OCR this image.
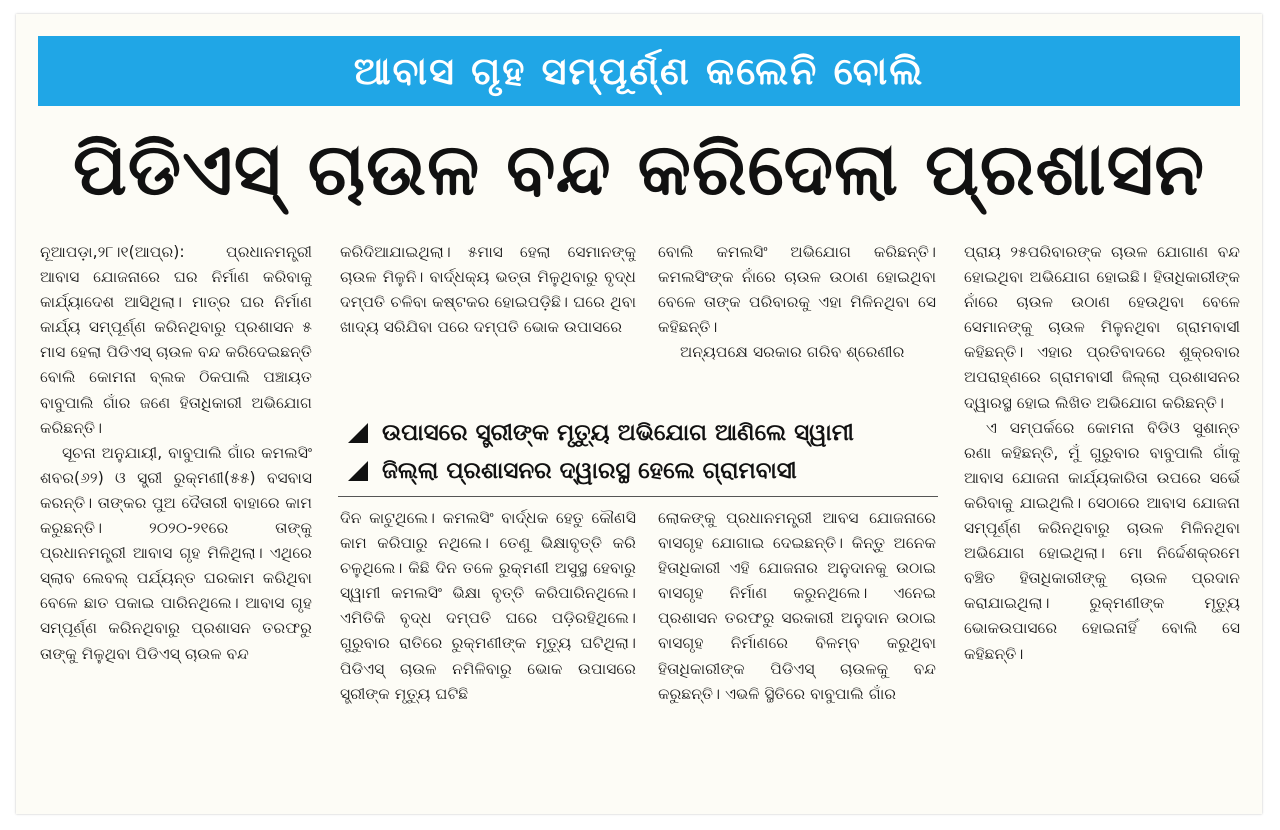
ଆବାସ ଗୃହ ସମ୍ପୂର୍ଣ୍ଣ କଲେନି ବୋଲି
ପିଡିଏସ୍ ଚାଉଳ ବନ୍ଦ କରିଦେଲା ପ୍ରଶାସନ

ନୂଆପଡ଼ା,୨୮।୧(ଆପ୍ର): ପ୍ରଧାନମନ୍ତ୍ରୀ ଆବାସ ଯୋଜନାରେ ଘର ନିର୍ମାଣ କରିବାକୁ କାର୍ଯ୍ୟାଦେଶ ଆସିଥିଲା। ମାତ୍ର ଘର ନିର୍ମାଣ କାର୍ଯ୍ୟ ସମ୍ପୂର୍ଣ୍ଣ କରିନଥିବାରୁ ପ୍ରଶାସନ ୫ ମାସ ହେଲା ପିଡିଏସ୍ ଚାଉଳ ବନ୍ଦ କରିଦେଇଛନ୍ତି ବୋଲି କୋମନା ବ୍ଲକ ଠିକପାଲି ପଞ୍ଚାୟତ ବାବୁପାଲି ଗାଁର ଜଣେ ହିତାଧିକାରୀ ଅଭିଯୋଗ କରିଛନ୍ତି।

ସୂଚନା ଅନୁଯାୟୀ, ବାବୁପାଲି ଗାଁର କମଲସିଂ ଶବର(୬୨) ଓ ସ୍ତ୍ରୀ ରୁକ୍ମଣୀ(୫୫) ବସବାସ କରନ୍ତି। ତାଙ୍କର ପୁଅ ଦୈତାରୀ ବାହାରେ କାମ କରୁଛନ୍ତି। ୨୦୨୦-୨୧ରେ ତାଙ୍କୁ ପ୍ରଧାନମନ୍ତ୍ରୀ ଆବାସ ଗୃହ ମିଳିଥିଲା। ଏଥିରେ ସ୍ଲାବ ଲେବଲ୍ ପର୍ଯ୍ୟନ୍ତ ଘରକାମ କରିଥିବା ବେଳେ ଛାତ ପକାଇ ପାରିନଥିଲେ। ଆବାସ ଗୃହ ସମ୍ପୂର୍ଣ୍ଣ କରିନଥିବାରୁ ପ୍ରଶାସନ ତରଫରୁ ତାଙ୍କୁ ମିଳୁଥିବା ପିଡିଏସ୍ ଚାଉଳ ବନ୍ଦ

କରିଦିଆଯାଇଥିଲା। ୫ମାସ ହେଲା ସେମାନଙ୍କୁ ଚାଉଳ ମିଳୁନି। ବାର୍ଦ୍ଧକ୍ୟ ଭତ୍ତା ମିଳୁଥିବାରୁ ବୃଦ୍ଧ ଦମ୍ପତି ଚଳିବା କଷ୍ଟକର ହୋଇପଡ଼ିଛି। ଘରେ ଥିବା ଖାଦ୍ୟ ସରିଯିବା ପରେ ଦମ୍ପତି ଭୋକ ଉପାସରେ

ବୋଲି କମଲସିଂ ଅଭିଯୋଗ କରିଛନ୍ତି। କମଲସିଂଙ୍କ ନାଁରେ ଚାଉଳ ଉଠାଣ ହୋଇଥିବା ବେଳେ ତାଙ୍କ ପରିବାରକୁ ଏହା ମିଳିନଥିବା ସେ କହିଛନ୍ତି।

ଅନ୍ୟପକ୍ଷେ ସରକାର ଗରିବ ଶ୍ରେଣୀର

ଉପାସରେ ସ୍ତ୍ରୀଙ୍କ ମୃତ୍ୟୁ ଅଭିଯୋଗ ଆଣିଲେ ସ୍ୱାମୀ
ଜିଲ୍ଲା ପ୍ରଶାସନର ଦ୍ୱାରସ୍ଥ ହେଲେ ଗ୍ରାମବାସୀ

ଦିନ କାଟୁଥିଲେ। କମଲସିଂ ବାର୍ଦ୍ଧକ ହେତୁ କୌଣସି କାମ କରିପାରୁ ନଥିଲେ। ତେଣୁ ଭିକ୍ଷାବୃତ୍ତି କରି ଚଳୁଥିଲେ। କିଛି ଦିନ ତଳେ ରୁକ୍ମଣୀ ଅସୁସ୍ଥ ହେବାରୁ ସ୍ୱାମୀ କମଲସିଂ ଭିକ୍ଷା ବୃତ୍ତି କରିପାରିନଥିଲେ। ଏମିତିକି ବୃଦ୍ଧ ଦମ୍ପତି ଘରେ ପଡ଼ିରହିଥିଲେ। ଗୁରୁବାର ରାତିରେ ରୁକ୍ମଣୀଙ୍କ ମୃତ୍ୟୁ ଘଟିଥିଲା। ପିଡିଏସ୍ ଚାଉଳ ନମିଳିବାରୁ ଭୋକ ଉପାସରେ ସ୍ତ୍ରୀଙ୍କ ମୃତ୍ୟୁ ଘଟିଛି

ଲୋକଙ୍କୁ ପ୍ରଧାନମନ୍ତ୍ରୀ ଆବସ ଯୋଜନାରେ ବାସଗୃହ ଯୋଗାଇ ଦେଇଛନ୍ତି। କିନ୍ତୁ ଅନେକ ହିତାଧିକାରୀ ଏହି ଯୋଜନାର ଅନୁଦାନକୁ ଉଠାଇ ବାସଗୃହ ନିର୍ମାଣ କରୁନଥିଲେ। ଏନେଇ ପ୍ରଶାସନ ତରଫରୁ ସରକାରୀ ଅନୁଦାନ ଉଠାଇ ବାସଗୃହ ନିର୍ମାଣରେ ବିଳମ୍ବ କରୁଥିବା ହିତାଧିକାରୀଙ୍କ ପିଡିଏସ୍ ଚାଉଳକୁ ବନ୍ଦ କରୁଛନ୍ତି। ଏଭଳି ସ୍ଥିତିରେ ବାବୁପାଲି ଗାଁର

ପ୍ରାୟ ୨୫ପରିବାରଙ୍କ ଚାଉଳ ଯୋଗାଣ ବନ୍ଦ ହୋଇଥିବା ଅଭିଯୋଗ ହୋଇଛି। ହିତାଧିକାରୀଙ୍କ ନାଁରେ ଚାଉଳ ଉଠାଣ ହେଉଥିବା ବେଳେ ସେମାନଙ୍କୁ ଚାଉଳ ମିଳୁନଥିବା ଗ୍ରାମବାସୀ କହିଛନ୍ତି। ଏହାର ପ୍ରତିବାଦରେ ଶୁକ୍ରବାର ଅପରାହ୍ଣରେ ଗ୍ରାମବାସୀ ଜିଲ୍ଲା ପ୍ରଶାସନର ଦ୍ୱାରସ୍ଥ ହୋଇ ଲିଖିତ ଅଭିଯୋଗ କରିଛନ୍ତି।

ଏ ସମ୍ପର୍କରେ କୋମନା ବିଡିଓ ସୁଶାନ୍ତ ରଣା କହିଛନ୍ତି, ମୁଁ ଗୁରୁବାର ବାବୁପାଲି ଗାଁକୁ ଆବାସ ଯୋଜନା କାର୍ଯ୍ୟକାରିତା ଉପରେ ସର୍ଭେ କରିବାକୁ ଯାଇଥିଲି। ସେଠାରେ ଆବାସ ଯୋଜନା ସମ୍ପୂର୍ଣ୍ଣ କରିନଥିବାରୁ ଚାଉଳ ମିଳିନଥିବା ଅଭିଯୋଗ ହୋଇଥିଲା। ମୋ ନିର୍ଦ୍ଦେଶକ୍ରମେ ବଞ୍ଚିତ ହିତାଧିକାରୀଙ୍କୁ ଚାଉଳ ପ୍ରଦାନ କରାଯାଇଥିଲା। ରୁକ୍ମଣୀଙ୍କ ମୃତ୍ୟୁ ଭୋକଉପାସରେ ହୋଇନାହିଁ ବୋଲି ସେ କହିଛନ୍ତି।
